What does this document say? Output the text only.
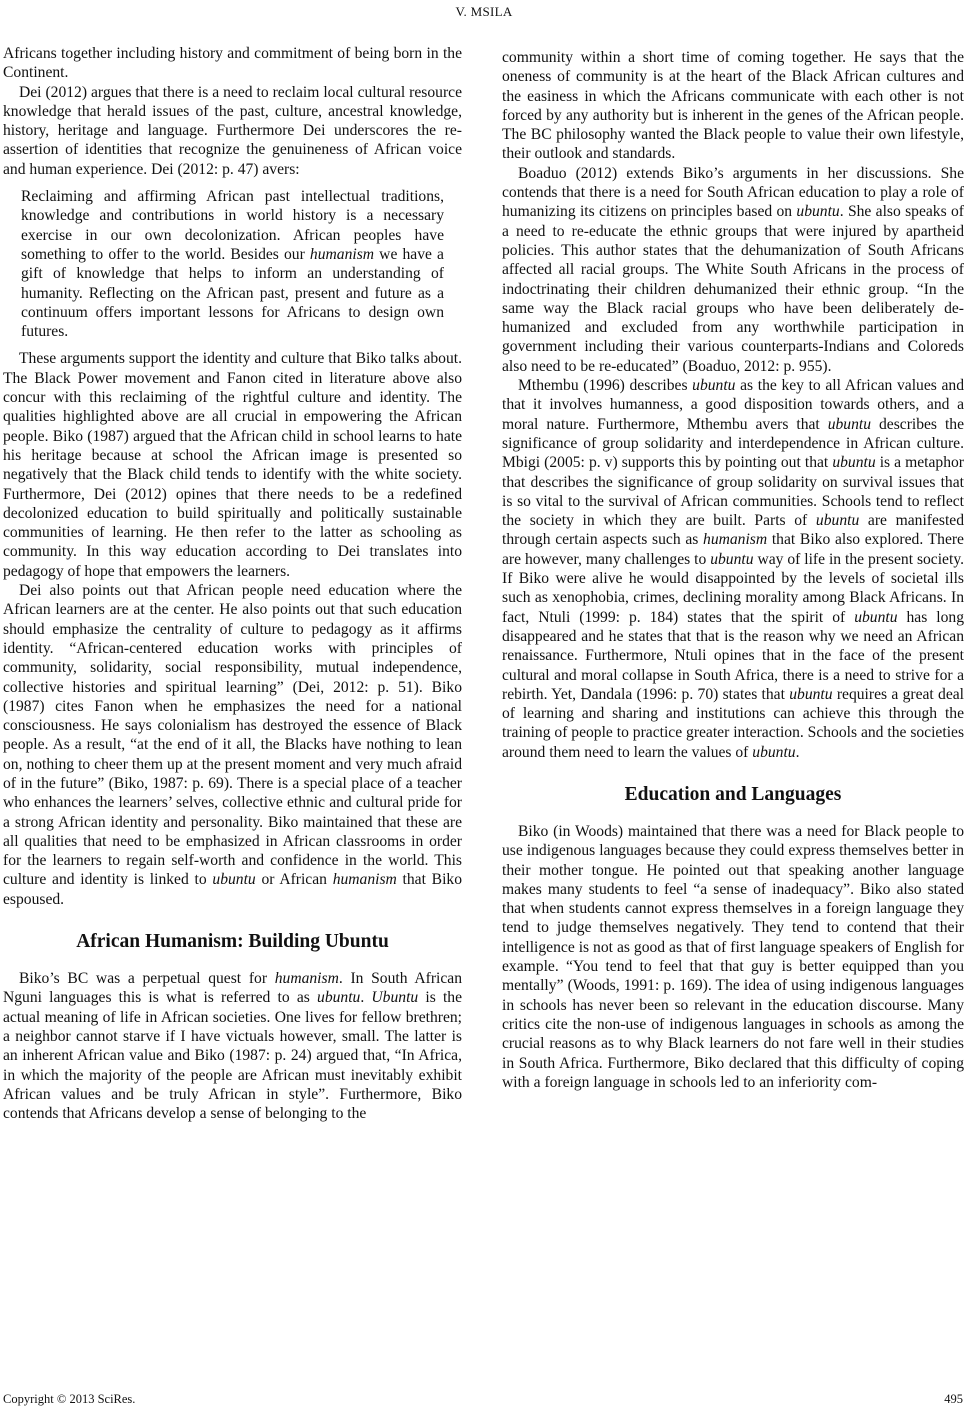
V. MSILA

Africans together including history and commitment of being born in the Continent.

Dei (2012) argues that there is a need to reclaim local cultural resource knowledge that herald issues of the past, culture, ancestral knowledge, history, heritage and language. Furthermore Dei underscores the re-assertion of identities that recognize the genuineness of African voice and human experience. Dei (2012: p. 47) avers:

Reclaiming and affirming African past intellectual traditions, knowledge and contributions in world history is a necessary exercise in our own decolonization. African peoples have something to offer to the world. Besides our humanism we have a gift of knowledge that helps to inform an understanding of humanity. Reflecting on the African past, present and future as a continuum offers important lessons for Africans to design own futures.

These arguments support the identity and culture that Biko talks about. The Black Power movement and Fanon cited in literature above also concur with this reclaiming of the rightful culture and identity. The qualities highlighted above are all crucial in empowering the African people. Biko (1987) argued that the African child in school learns to hate his heritage because at school the African image is presented so negatively that the Black child tends to identify with the white society. Furthermore, Dei (2012) opines that there needs to be a redefined decolonized education to build spiritually and politically sustainable communities of learning. He then refer to the latter as schooling as community. In this way education according to Dei translates into pedagogy of hope that empowers the learners.

Dei also points out that African people need education where the African learners are at the center. He also points out that such education should emphasize the centrality of culture to pedagogy as it affirms identity. “African-centered education works with principles of community, solidarity, social responsibility, mutual independence, collective histories and spiritual learning” (Dei, 2012: p. 51). Biko (1987) cites Fanon when he emphasizes the need for a national consciousness. He says colonialism has destroyed the essence of Black people. As a result, “at the end of it all, the Blacks have nothing to lean on, nothing to cheer them up at the present moment and very much afraid of in the future” (Biko, 1987: p. 69). There is a special place of a teacher who enhances the learners’ selves, collective ethnic and cultural pride for a strong African identity and personality. Biko maintained that these are all qualities that need to be emphasized in African classrooms in order for the learners to regain self-worth and confidence in the world. This culture and identity is linked to ubuntu or African humanism that Biko espoused.

African Humanism: Building Ubuntu

Biko’s BC was a perpetual quest for humanism. In South African Nguni languages this is what is referred to as ubuntu. Ubuntu is the actual meaning of life in African societies. One lives for fellow brethren; a neighbor cannot starve if I have victuals however, small. The latter is an inherent African value and Biko (1987: p. 24) argued that, “In Africa, in which the majority of the people are African must inevitably exhibit African values and be truly African in style”. Furthermore, Biko contends that Africans develop a sense of belonging to the

community within a short time of coming together. He says that the oneness of community is at the heart of the Black African cultures and the easiness in which the Africans communicate with each other is not forced by any authority but is inherent in the genes of the African people. The BC philosophy wanted the Black people to value their own lifestyle, their outlook and standards.

Boaduo (2012) extends Biko’s arguments in her discussions. She contends that there is a need for South African education to play a role of humanizing its citizens on principles based on ubuntu. She also speaks of a need to re-educate the ethnic groups that were injured by apartheid policies. This author states that the dehumanization of South Africans affected all racial groups. The White South Africans in the process of indoctrinating their children dehumanized their ethnic group. “In the same way the Black racial groups who have been deliberately de-humanized and excluded from any worthwhile participation in government including their various counterparts-Indians and Coloreds also need to be re-educated” (Boaduo, 2012: p. 955).

Mthembu (1996) describes ubuntu as the key to all African values and that it involves humanness, a good disposition towards others, and a moral nature. Furthermore, Mthembu avers that ubuntu describes the significance of group solidarity and interdependence in African culture. Mbigi (2005: p. v) supports this by pointing out that ubuntu is a metaphor that describes the significance of group solidarity on survival issues that is so vital to the survival of African communities. Schools tend to reflect the society in which they are built. Parts of ubuntu are manifested through certain aspects such as humanism that Biko also explored. There are however, many challenges to ubuntu way of life in the present society. If Biko were alive he would disappointed by the levels of societal ills such as xenophobia, crimes, declining morality among Black Africans. In fact, Ntuli (1999: p. 184) states that the spirit of ubuntu has long disappeared and he states that that is the reason why we need an African renaissance. Furthermore, Ntuli opines that in the face of the present cultural and moral collapse in South Africa, there is a need to strive for a rebirth. Yet, Dandala (1996: p. 70) states that ubuntu requires a great deal of learning and sharing and institutions can achieve this through the training of people to practice greater interaction. Schools and the societies around them need to learn the values of ubuntu.

Education and Languages

Biko (in Woods) maintained that there was a need for Black people to use indigenous languages because they could express themselves better in their mother tongue. He pointed out that speaking another language makes many students to feel “a sense of inadequacy”. Biko also stated that when students cannot express themselves in a foreign language they tend to judge themselves negatively. They tend to contend that their intelligence is not as good as that of first language speakers of English for example. “You tend to feel that that guy is better equipped than you mentally” (Woods, 1991: p. 169). The idea of using indigenous languages in schools has never been so relevant in the education discourse. Many critics cite the non-use of indigenous languages in schools as among the crucial reasons as to why Black learners do not fare well in their studies in South Africa. Furthermore, Biko declared that this difficulty of coping with a foreign language in schools led to an inferiority com-

Copyright © 2013 SciRes.	495
